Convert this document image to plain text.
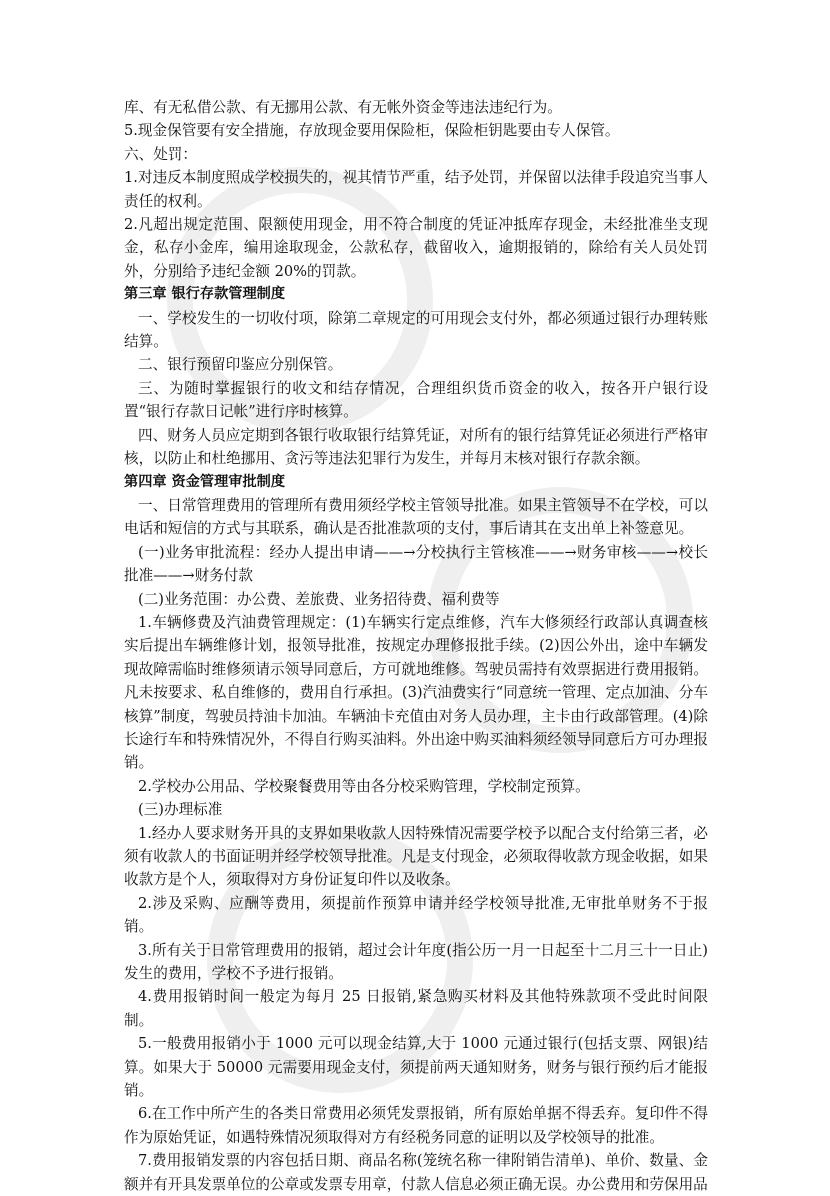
库、有无私借公款、有无挪用公款、有无帐外资金等违法违纪行为。

5.现金保管要有安全措施，存放现金要用保险柜，保险柜钥匙要由专人保管。

六、处罚：

1.对违反本制度照成学校损失的，视其情节严重，结予处罚，并保留以法律手段追究当事人责任的权利。

2.凡超出规定范围、限额使用现金，用不符合制度的凭证冲抵库存现金，未经批准坐支现金，私存小金库，编用途取现金，公款私存，截留收入，逾期报销的，除给有关人员处罚外，分别给予违纪金额 20%的罚款。

第三章 银行存款管理制度

一、学校发生的一切收付项，除第二章规定的可用现会支付外，都必须通过银行办理转账结算。

二、银行预留印鉴应分别保管。

三、为随时掌握银行的收文和结存情况，合理组织货币资金的收入，按各开户银行设置“银行存款日记帐”进行序时核算。

四、财务人员应定期到各银行收取银行结算凭证，对所有的银行结算凭证必须进行严格审核，以防止和杜绝挪用、贪污等违法犯罪行为发生，并每月末核对银行存款余额。

第四章 资金管理审批制度

一、日常管理费用的管理所有费用须经学校主管领导批准。如果主管领导不在学校，可以电话和短信的方式与其联系，确认是否批准款项的支付，事后请其在支出单上补签意见。

(一)业务审批流程：经办人提出申请——→分校执行主管核准——→财务审核——→校长批准——→财务付款

(二)业务范围：办公费、差旅费、业务招待费、福利费等

1.车辆修费及汽油费管理规定：(1)车辆实行定点维修，汽车大修须经行政部认真调查核实后提出车辆维修计划，报领导批准，按规定办理修报批手续。(2)因公外出，途中车辆发现故障需临时维修须请示领导同意后，方可就地维修。驾驶员需持有效票据进行费用报销。凡未按要求、私自维修的，费用自行承担。(3)汽油费实行“同意统一管理、定点加油、分车核算”制度，驾驶员持油卡加油。车辆油卡充值由对务人员办理，主卡由行政部管理。(4)除长途行车和特殊情况外，不得自行购买油料。外出途中购买油料须经领导同意后方可办理报销。

2.学校办公用品、学校聚餐费用等由各分校采购管理，学校制定预算。

(三)办理标准

1.经办人要求财务开具的支界如果收款人因特殊情况需要学校予以配合支付给第三者，必须有收款人的书面证明并经学校领导批准。凡是支付现金，必须取得收款方现金收据，如果收款方是个人，须取得对方身份证复印件以及收条。

2.涉及采购、应酬等费用，须提前作预算申请并经学校领导批准,无审批单财务不于报销。

3.所有关于日常管理费用的报销，超过会计年度(指公历一月一日起至十二月三十一日止)发生的费用，学校不予进行报销。

4.费用报销时间一般定为每月 25 日报销,紧急购买材料及其他特殊款项不受此时间限制。

5.一般费用报销小于 1000 元可以现金结算,大于 1000 元通过银行(包括支票、网银)结算。如果大于 50000 元需要用现金支付，须提前两天通知财务，财务与银行预约后才能报销。

6.在工作中所产生的各类日常费用必须凭发票报销，所有原始单据不得丢弃。复印件不得作为原始凭证，如遇特殊情况须取得对方有经税务同意的证明以及学校领导的批准。

7.费用报销发票的内容包括日期、商品名称(笼统名称一律附销告清单)、单价、数量、金额并有开具发票单位的公章或发票专用章，付款人信息必须正确无误。办公费用和劳保用品
